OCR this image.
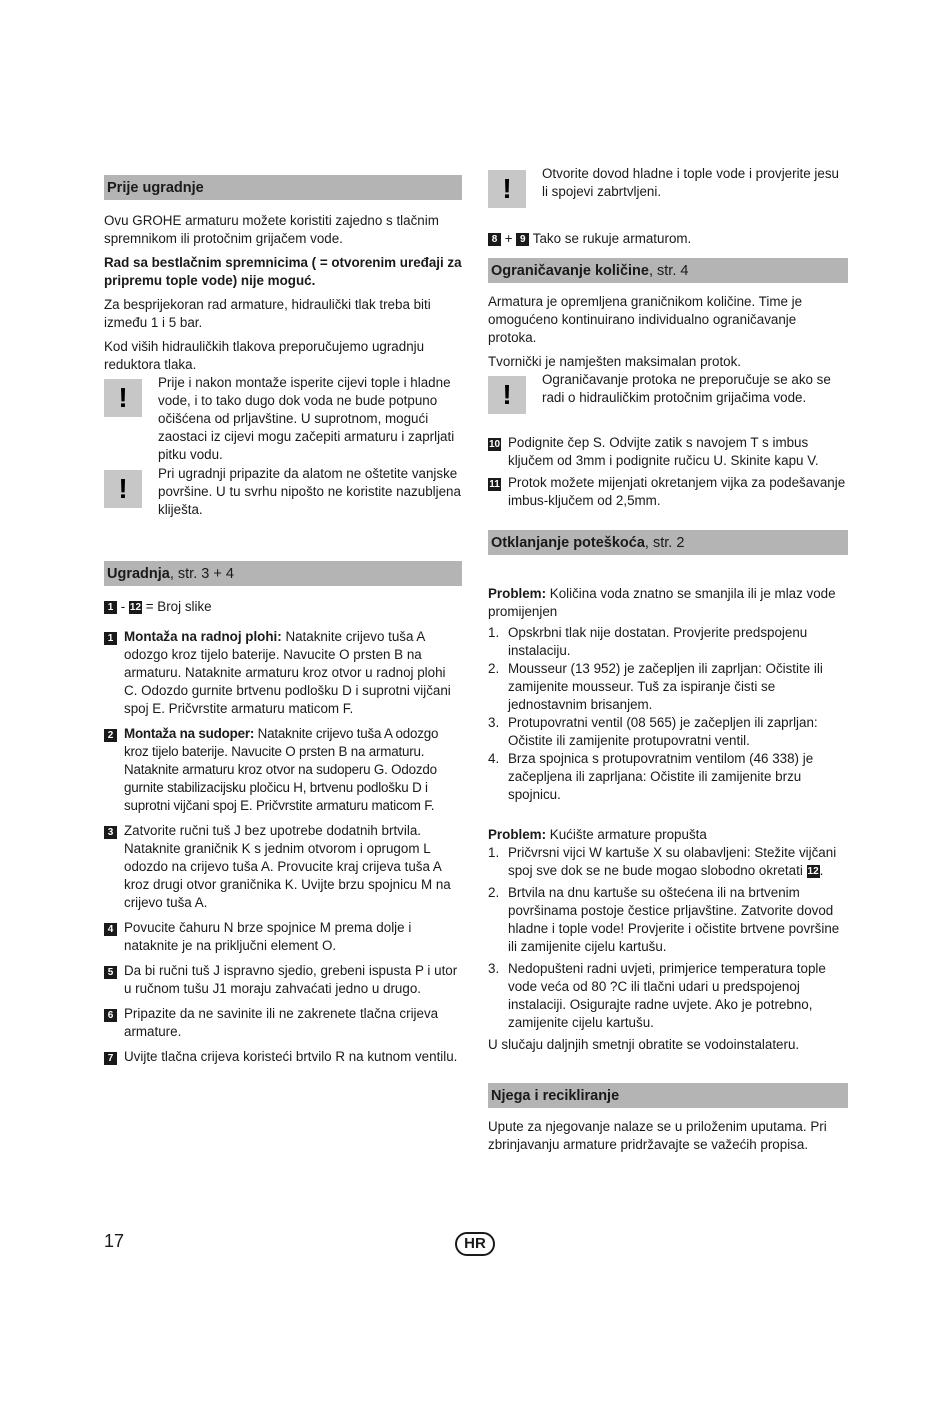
Prije ugradnje

Ovu GROHE armaturu možete koristiti zajedno s tlačnim spremnikom ili protočnim grijačem vode.

Rad sa bestlačnim spremnicima ( = otvorenim uređaji za pripremu tople vode) nije moguć.

Za besprijekoran rad armature, hidraulički tlak treba biti između 1 i 5 bar.

Kod viših hidrauličkih tlakova preporučujemo ugradnju reduktora tlaka.

! Prije i nakon montaže isperite cijevi tople i hladne vode, i to tako dugo dok voda ne bude potpuno očišćena od prljavštine. U suprotnom, mogući zaostaci iz cijevi mogu začepiti armaturu i zaprljati pitku vodu.
! Pri ugradnji pripazite da alatom ne oštetite vanjske površine. U tu svrhu nipošto ne koristite nazubljena kliješta.
Ugradnja, str. 3 + 4

1 - 12 = Broj slike

1 Montaža na radnoj plohi: Nataknite crijevo tuša A odozgo kroz tijelo baterije. Navucite O prsten B na armaturu. Nataknite armaturu kroz otvor u radnoj plohi C. Odozdo gurnite brtvenu podlošku D i suprotni vijčani spoj E. Pričvrstite armaturu maticom F.
2 Montaža na sudoper: Nataknite crijevo tuša A odozgo kroz tijelo baterije. Navucite O prsten B na armaturu. Nataknite armaturu kroz otvor na sudoperu G. Odozdo gurnite stabilizacijsku pločicu H, brtvenu podlošku D i suprotni vijčani spoj E. Pričvrstite armaturu maticom F.
3 Zatvorite ručni tuš J bez upotrebe dodatnih brtvila. Nataknite graničnik K s jednim otvorom i oprugom L odozdo na crijevo tuša A. Provucite kraj crijeva tuša A kroz drugi otvor graničnika K. Uvijte brzu spojnicu M na crijevo tuša A.
4 Povucite čahuru N brze spojnice M prema dolje i nataknite je na priključni element O.
5 Da bi ručni tuš J ispravno sjedio, grebeni ispusta P i utor u ručnom tušu J1 moraju zahvaćati jedno u drugo.
6 Pripazite da ne savinite ili ne zakrenete tlačna crijeva armature.
7 Uvijte tlačna crijeva koristeći brtvilo R na kutnom ventilu.
! Otvorite dovod hladne i tople vode i provjerite jesu li spojevi zabrtvljeni.

8 + 9 Tako se rukuje armaturom.

Ograničavanje količine, str. 4

Armatura je opremljena graničnikom količine. Time je omogućeno kontinuirano individualno ograničavanje protoka.

Tvornički je namješten maksimalan protok.

! Ograničavanje protoka ne preporučuje se ako se radi o hidrauličkim protočnim grijačima vode.
10 Podignite čep S. Odvijte zatik s navojem T s imbus ključem od 3mm i podignite ručicu U. Skinite kapu V.
11 Protok možete mijenjati okretanjem vijka za podešavanje imbus-ključem od 2,5mm.
Otklanjanje poteškoća, str. 2

Problem: Količina voda znatno se smanjila ili je mlaz vode promijenjen

1. Opskrbni tlak nije dostatan. Provjerite predspojenu instalaciju.
2. Mousseur (13 952) je začepljen ili zaprljan: Očistite ili zamijenite mousseur. Tuš za ispiranje čisti se jednostavnim brisanjem.
3. Protupovratni ventil (08 565) je začepljen ili zaprljan: Očistite ili zamijenite protupovratni ventil.
4. Brza spojnica s protupovratnim ventilom (46 338) je začepljena ili zaprljana: Očistite ili zamijenite brzu spojnicu.

Problem: Kućište armature propušta

1. Pričvrsni vijci W kartuše X su olabavljeni: Stežite vijčani spoj sve dok se ne bude mogao slobodno okretati 12.
2. Brtvila na dnu kartuše su oštećena ili na brtvenim površinama postoje čestice prljavštine. Zatvorite dovod hladne i tople vode! Provjerite i očistite brtvene površine ili zamijenite cijelu kartušu.
3. Nedopušteni radni uvjeti, primjerice temperatura tople vode veća od 80 ?C ili tlačni udari u predspojenoj instalaciji. Osigurajte radne uvjete. Ako je potrebno, zamijenite cijelu kartušu.

U slučaju daljnjih smetnji obratite se vodoinstalateru.

Njega i recikliranje

Upute za njegovanje nalaze se u priloženim uputama. Pri zbrinjavanju armature pridržavajte se važećih propisa.

17	HR
